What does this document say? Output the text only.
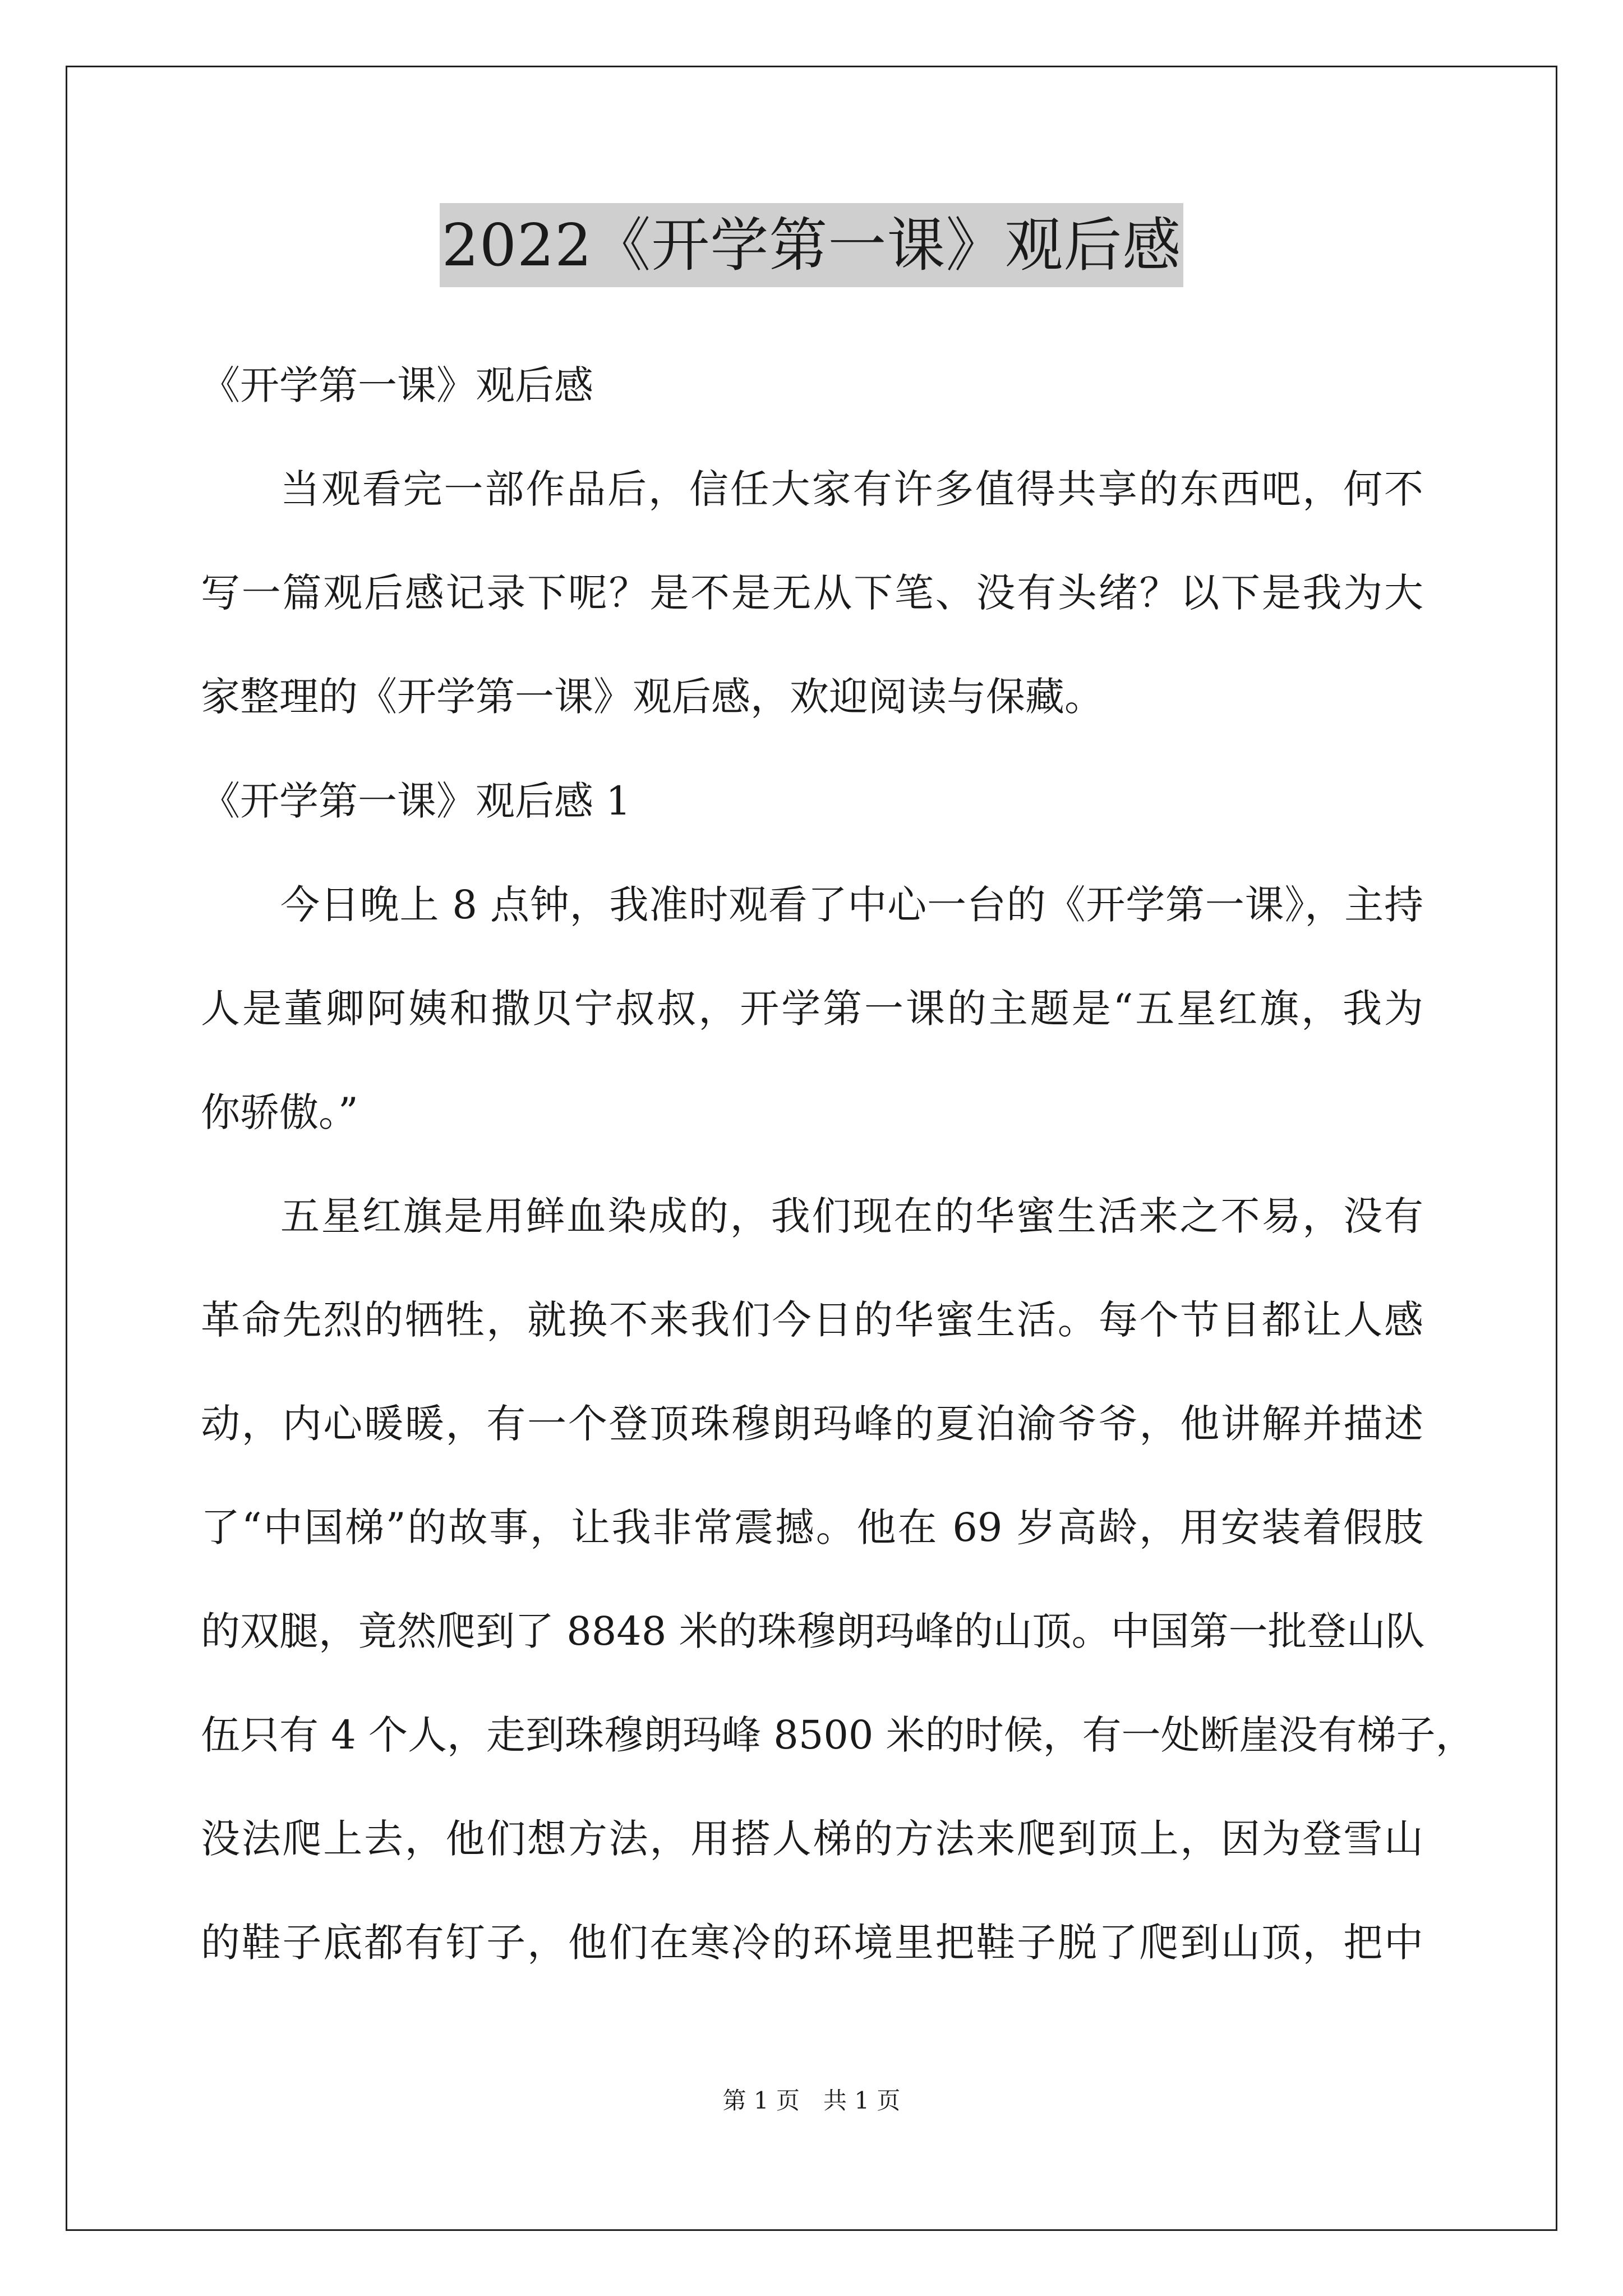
2022《开学第一课》观后感
《开学第一课》观后感
当观看完一部作品后，信任大家有许多值得共享的东西吧，何不
写一篇观后感记录下呢？是不是无从下笔、没有头绪？以下是我为大
家整理的《开学第一课》观后感，欢迎阅读与保藏。
《开学第一课》观后感 1
今日晚上 8 点钟，我准时观看了中心一台的《开学第一课》，主持
人是董卿阿姨和撒贝宁叔叔，开学第一课的主题是“五星红旗，我为
你骄傲。”
五星红旗是用鲜血染成的，我们现在的华蜜生活来之不易，没有
革命先烈的牺牲，就换不来我们今日的华蜜生活。每个节目都让人感
动，内心暖暖，有一个登顶珠穆朗玛峰的夏泊渝爷爷，他讲解并描述
了“中国梯”的故事，让我非常震撼。他在 69 岁高龄，用安装着假肢
的双腿，竟然爬到了 8848 米的珠穆朗玛峰的山顶。中国第一批登山队
伍只有 4 个人，走到珠穆朗玛峰 8500 米的时候，有一处断崖没有梯子，
没法爬上去，他们想方法，用搭人梯的方法来爬到顶上，因为登雪山
的鞋子底都有钉子，他们在寒冷的环境里把鞋子脱了爬到山顶，把中
第 1 页　共 1 页
